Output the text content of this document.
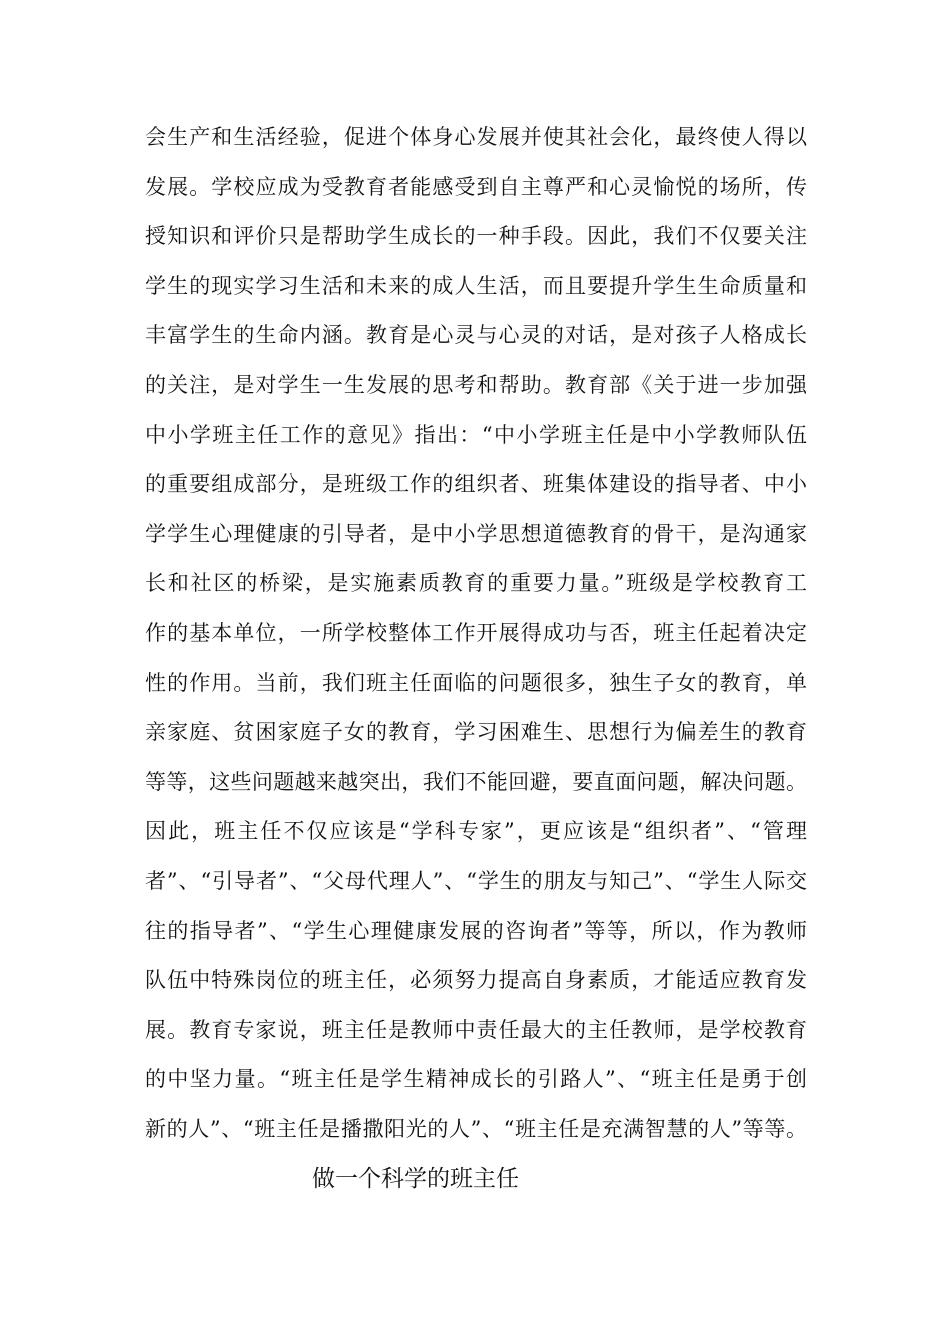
会生产和生活经验，促进个体身心发展并使其社会化，最终使人得以
发展。学校应成为受教育者能感受到自主尊严和心灵愉悦的场所，传
授知识和评价只是帮助学生成长的一种手段。因此，我们不仅要关注
学生的现实学习生活和未来的成人生活，而且要提升学生生命质量和
丰富学生的生命内涵。教育是心灵与心灵的对话，是对孩子人格成长
的关注，是对学生一生发展的思考和帮助。教育部《关于进一步加强
中小学班主任工作的意见》指出：“中小学班主任是中小学教师队伍
的重要组成部分，是班级工作的组织者、班集体建设的指导者、中小
学学生心理健康的引导者，是中小学思想道德教育的骨干，是沟通家
长和社区的桥梁，是实施素质教育的重要力量。”班级是学校教育工
作的基本单位，一所学校整体工作开展得成功与否，班主任起着决定
性的作用。当前，我们班主任面临的问题很多，独生子女的教育，单
亲家庭、贫困家庭子女的教育，学习困难生、思想行为偏差生的教育
等等，这些问题越来越突出，我们不能回避，要直面问题，解决问题。
因此，班主任不仅应该是“学科专家”，更应该是“组织者”、“管理
者”、“引导者”、“父母代理人”、“学生的朋友与知己”、“学生人际交
往的指导者”、“学生心理健康发展的咨询者”等等，所以，作为教师
队伍中特殊岗位的班主任，必须努力提高自身素质，才能适应教育发
展。教育专家说，班主任是教师中责任最大的主任教师，是学校教育
的中坚力量。“班主任是学生精神成长的引路人”、“班主任是勇于创
新的人”、“班主任是播撒阳光的人”、“班主任是充满智慧的人”等等。
做一个科学的班主任
